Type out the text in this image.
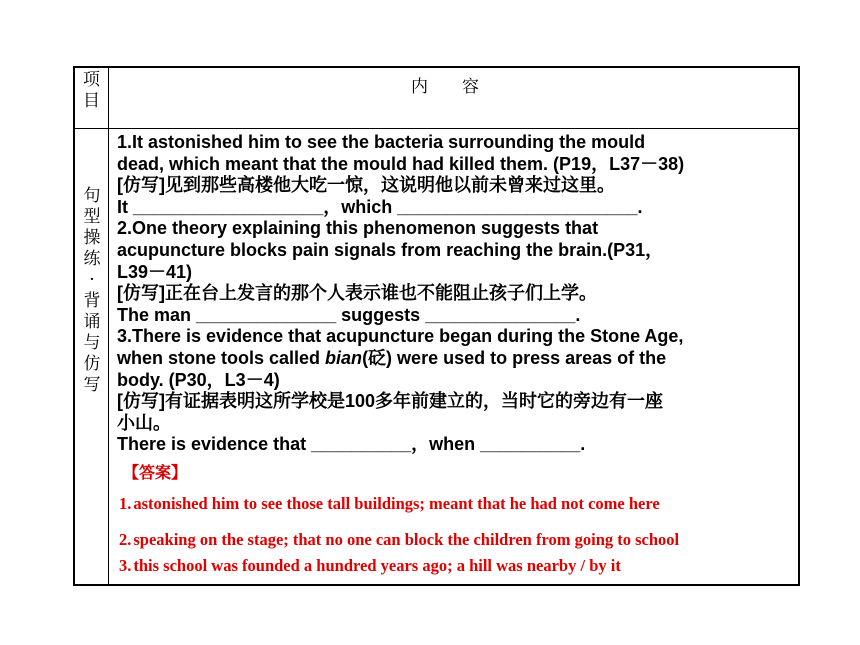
项目
内　　容
句型操练·背诵与仿写

1.It astonished him to see the bacteria surrounding the mould

dead, which meant that the mould had killed them. (P19，L37－38)

[仿写]见到那些高楼他大吃一惊，这说明他以前未曾来过这里。

It ___________________，which ________________________.

2.One theory explaining this phenomenon suggests that

acupuncture blocks pain signals from reaching the brain.(P31，

L39－41)

[仿写]正在台上发言的那个人表示谁也不能阻止孩子们上学。

The man ______________ suggests _______________.

3.There is evidence that acupuncture began during the Stone Age,

when stone tools called bian(砭) were used to press areas of the

body. (P30，L3－4)

[仿写]有证据表明这所学校是100多年前建立的，当时它的旁边有一座

小山。

There is evidence that __________，when __________.

【答案】
1. astonished him to see those tall buildings; meant that he had not come here
2. speaking on the stage; that no one can block the children from going to school
3. this school was founded a hundred years ago; a hill was nearby / by it
